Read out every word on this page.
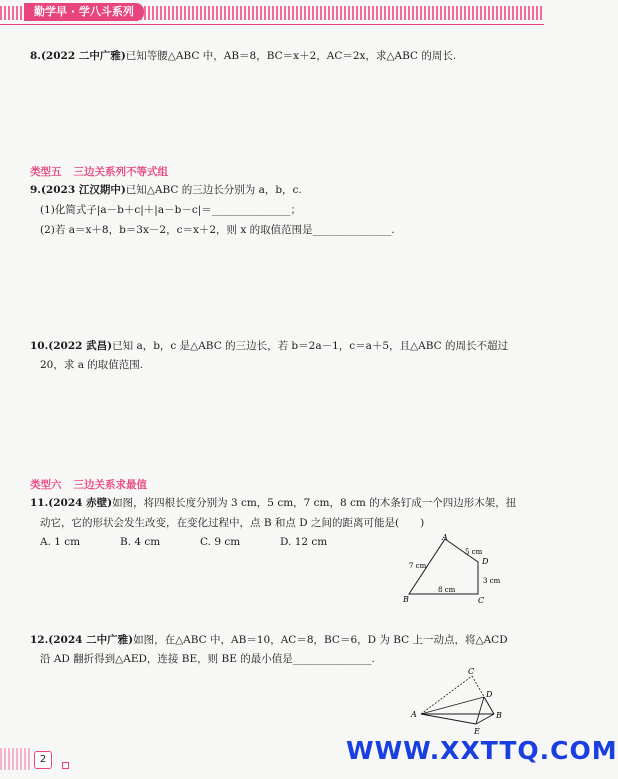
勤学早 · 学八斗系列
8.(2022 二中广雅)已知等腰△ABC 中，AB＝8，BC＝x＋2，AC＝2x，求△ABC 的周长.
类型五 三边关系列不等式组
9.(2023 江汉期中)已知△ABC 的三边长分别为 a，b，c.
(1)化简式子|a－b＋c|＋|a－b－c|＝_______________；
(2)若 a＝x＋8，b＝3x－2，c＝x＋2，则 x 的取值范围是_______________.
10.(2022 武昌)已知 a，b，c 是△ABC 的三边长，若 b＝2a－1，c＝a＋5，且△ABC 的周长不超过
20，求 a 的取值范围.
类型六 三边关系求最值
11.(2024 赤壁)如图，将四根长度分别为 3 cm，5 cm，7 cm，8 cm 的木条钉成一个四边形木架，扭
动它，它的形状会发生改变，在变化过程中，点 B 和点 D 之间的距离可能是(　　)
A. 1 cm	B. 4 cm	C. 9 cm	D. 12 cm	A
B	C
D
7 cm
5 cm
3 cm
8 cm
12.(2024 二中广雅)如图，在△ABC 中，AB＝10，AC＝8，BC＝6，D 为 BC 上一动点，将△ACD
沿 AD 翻折得到△AED，连接 BE，则 BE 的最小值是_______________.
A	B
C
D
E
2	WWW.XXTTQ.COM
